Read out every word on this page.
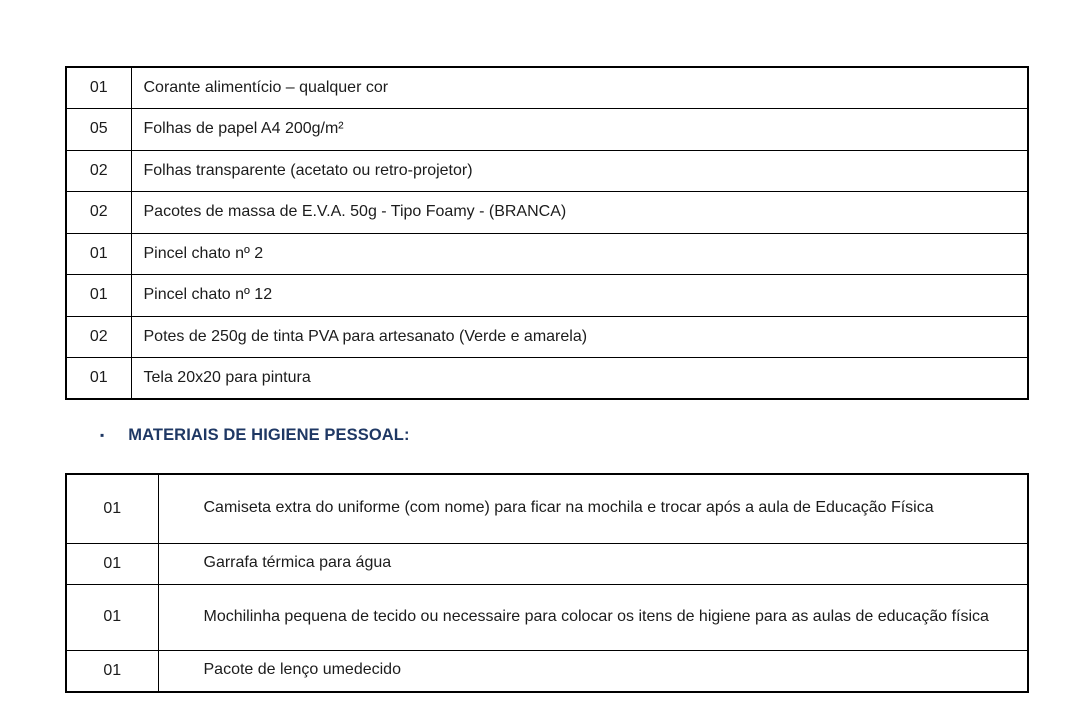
01	Corante alimentício – qualquer cor
05	Folhas de papel A4 200g/m²
02	Folhas transparente (acetato ou retro-projetor)
02	Pacotes de massa de E.V.A. 50g - Tipo Foamy - (BRANCA)
01	Pincel chato nº 2
01	Pincel chato nº 12
02	Potes de 250g de tinta PVA para artesanato (Verde e amarela)
01	Tela 20x20 para pintura
▪ MATERIAIS DE HIGIENE PESSOAL:
01	Camiseta extra do uniforme (com nome) para ficar na mochila e trocar após a aula de Educação Física
01	Garrafa térmica para água
01	Mochilinha pequena de tecido ou necessaire para colocar os itens de higiene para as aulas de educação física
01	Pacote de lenço umedecido
